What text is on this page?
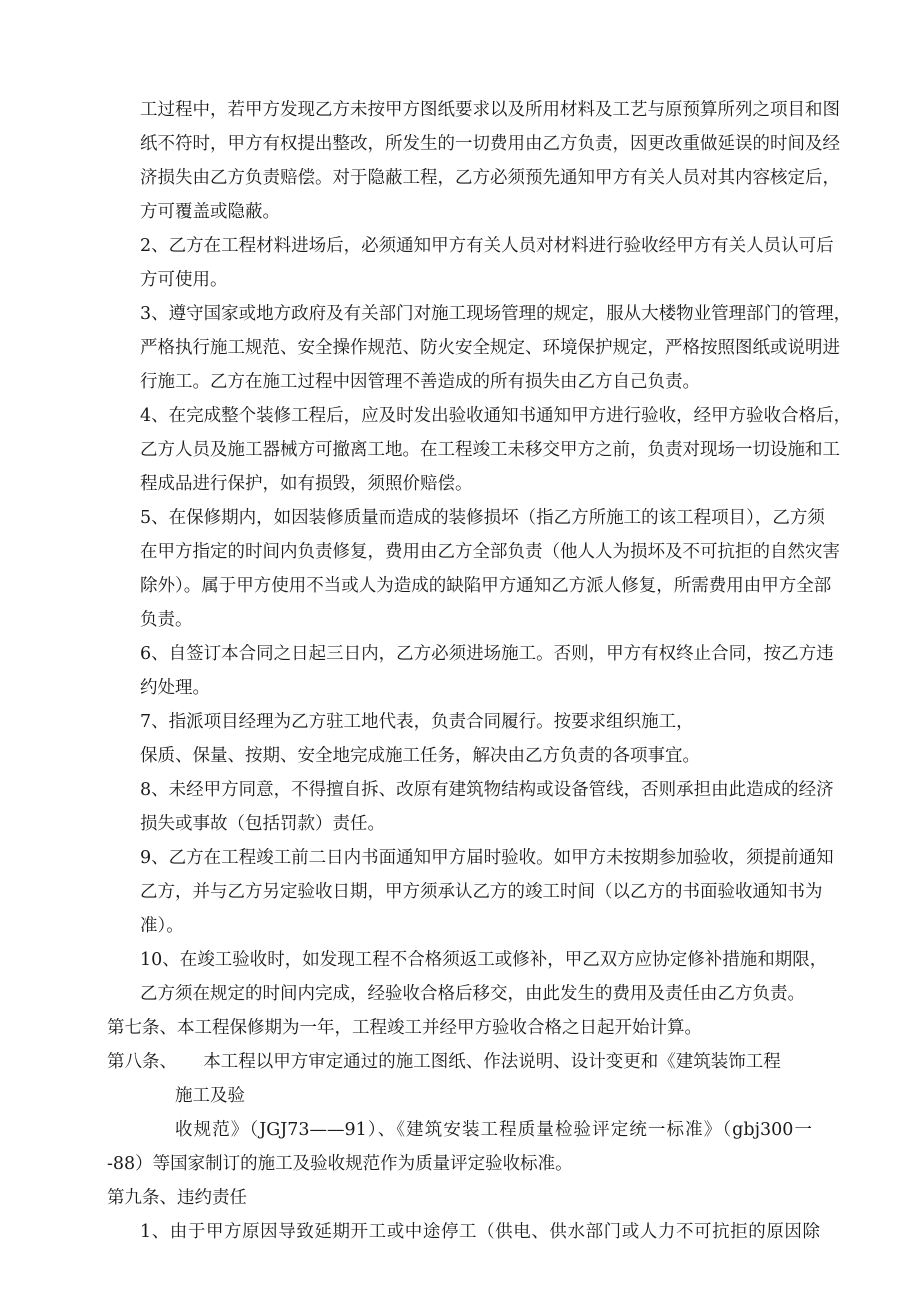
工过程中，若甲方发现乙方未按甲方图纸要求以及所用材料及工艺与原预算所列之项目和图
纸不符时，甲方有权提出整改，所发生的一切费用由乙方负责，因更改重做延误的时间及经
济损失由乙方负责赔偿。对于隐蔽工程，乙方必须预先通知甲方有关人员对其内容核定后，
方可覆盖或隐蔽。
2、乙方在工程材料进场后，必须通知甲方有关人员对材料进行验收经甲方有关人员认可后
方可使用。
3、遵守国家或地方政府及有关部门对施工现场管理的规定，服从大楼物业管理部门的管理，
严格执行施工规范、安全操作规范、防火安全规定、环境保护规定，严格按照图纸或说明进
行施工。乙方在施工过程中因管理不善造成的所有损失由乙方自己负责。
4、在完成整个装修工程后，应及时发出验收通知书通知甲方进行验收，经甲方验收合格后，
乙方人员及施工器械方可撤离工地。在工程竣工未移交甲方之前，负责对现场一切设施和工
程成品进行保护，如有损毁，须照价赔偿。
5、在保修期内，如因装修质量而造成的装修损坏（指乙方所施工的该工程项目），乙方须
在甲方指定的时间内负责修复，费用由乙方全部负责（他人人为损坏及不可抗拒的自然灾害
除外）。属于甲方使用不当或人为造成的缺陷甲方通知乙方派人修复，所需费用由甲方全部
负责。
6、自签订本合同之日起三日内，乙方必须进场施工。否则，甲方有权终止合同，按乙方违
约处理。
7、指派项目经理为乙方驻工地代表，负责合同履行。按要求组织施工，
保质、保量、按期、安全地完成施工任务，解决由乙方负责的各项事宜。
8、未经甲方同意，不得擅自拆、改原有建筑物结构或设备管线，否则承担由此造成的经济
损失或事故（包括罚款）责任。
9、乙方在工程竣工前二日内书面通知甲方届时验收。如甲方未按期参加验收，须提前通知
乙方，并与乙方另定验收日期，甲方须承认乙方的竣工时间（以乙方的书面验收通知书为
准）。
10、在竣工验收时，如发现工程不合格须返工或修补，甲乙双方应协定修补措施和期限，
乙方须在规定的时间内完成，经验收合格后移交，由此发生的费用及责任由乙方负责。
第七条、本工程保修期为一年，工程竣工并经甲方验收合格之日起开始计算。
第八条、　　本工程以甲方审定通过的施工图纸、作法说明、设计变更和《建筑装饰工程
施工及验
收规范》（JGJ73——91）、《建筑安装工程质量检验评定统一标准》（gbj300一
-88）等国家制订的施工及验收规范作为质量评定验收标准。
第九条、违约责任
1、由于甲方原因导致延期开工或中途停工（供电、供水部门或人力不可抗拒的原因除
